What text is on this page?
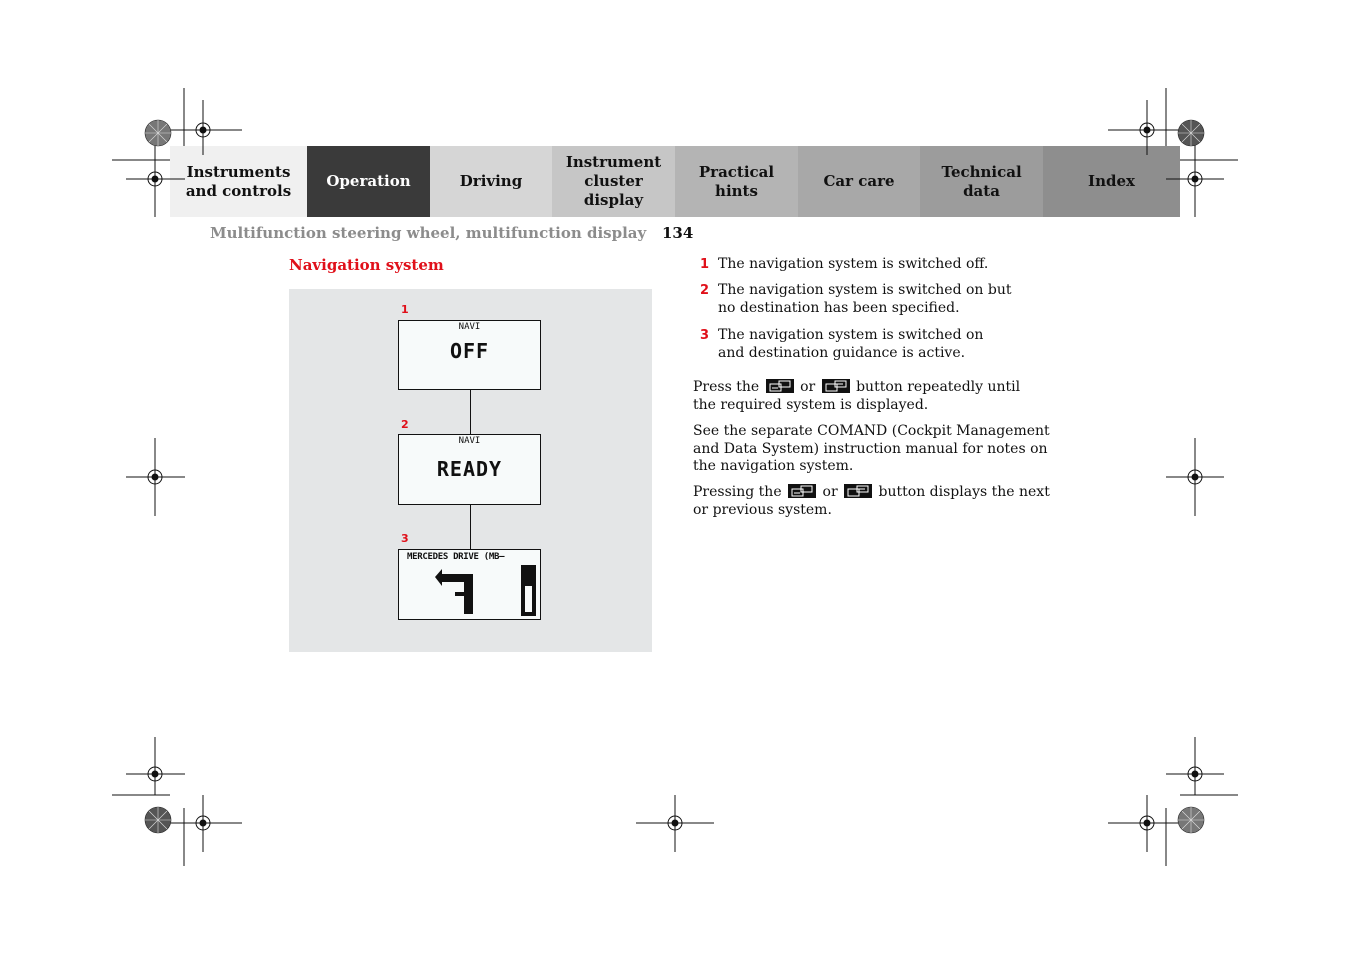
Instruments and controls
Operation	Driving
Instrument cluster display
Practical hints
Car care
Technical data
Index
Multifunction steering wheel, multifunction display 134
Navigation system
1
NAVI
OFF
2
NAVI
READY
3
MERCEDES DRIVE (MB–
1 The navigation system is switched off.
2 The navigation system is switched on but no destination has been specified.
3 The navigation system is switched on and destination guidance is active.
Press the	or	button repeatedly until the required system is displayed.
See the separate COMAND (Cockpit Management and Data System) instruction manual for notes on the navigation system.
Pressing the	or	button displays the next or previous system.
